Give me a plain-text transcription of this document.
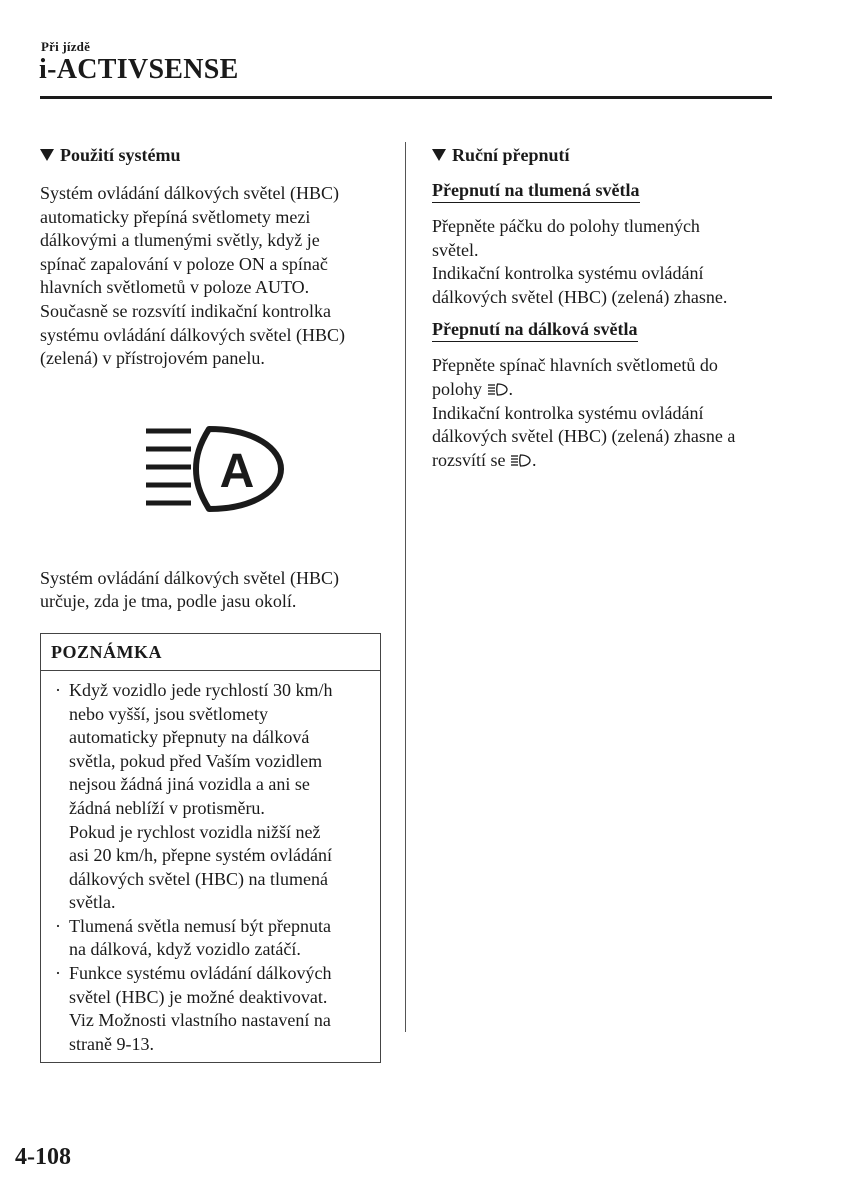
Při jízdě
i-ACTIVSENSE
Použití systému

Systém ovládání dálkových světel (HBC)
automaticky přepíná světlomety mezi
dálkovými a tlumenými světly, když je
spínač zapalování v poloze ON a spínač
hlavních světlometů v poloze AUTO.
Současně se rozsvítí indikační kontrolka
systému ovládání dálkových světel (HBC)
(zelená) v přístrojovém panelu.

A

Systém ovládání dálkových světel (HBC)
určuje, zda je tma, podle jasu okolí.

POZNÁMKA
· Když vozidlo jede rychlostí 30 km/h
nebo vyšší, jsou světlomety
automaticky přepnuty na dálková
světla, pokud před Vaším vozidlem
nejsou žádná jiná vozidla a ani se
žádná neblíží v protisměru.
Pokud je rychlost vozidla nižší než
asi 20 km/h, přepne systém ovládání
dálkových světel (HBC) na tlumená
světla.
· Tlumená světla nemusí být přepnuta
na dálková, když vozidlo zatáčí.
· Funkce systému ovládání dálkových
světel (HBC) je možné deaktivovat.
Viz Možnosti vlastního nastavení na
straně 9-13.
Ruční přepnutí
Přepnutí na tlumená světla

Přepněte páčku do polohy tlumených
světel.
Indikační kontrolka systému ovládání
dálkových světel (HBC) (zelená) zhasne.

Přepnutí na dálková světla

Přepněte spínač hlavních světlometů do
polohy .
Indikační kontrolka systému ovládání
dálkových světel (HBC) (zelená) zhasne a
rozsvítí se .

4-108
